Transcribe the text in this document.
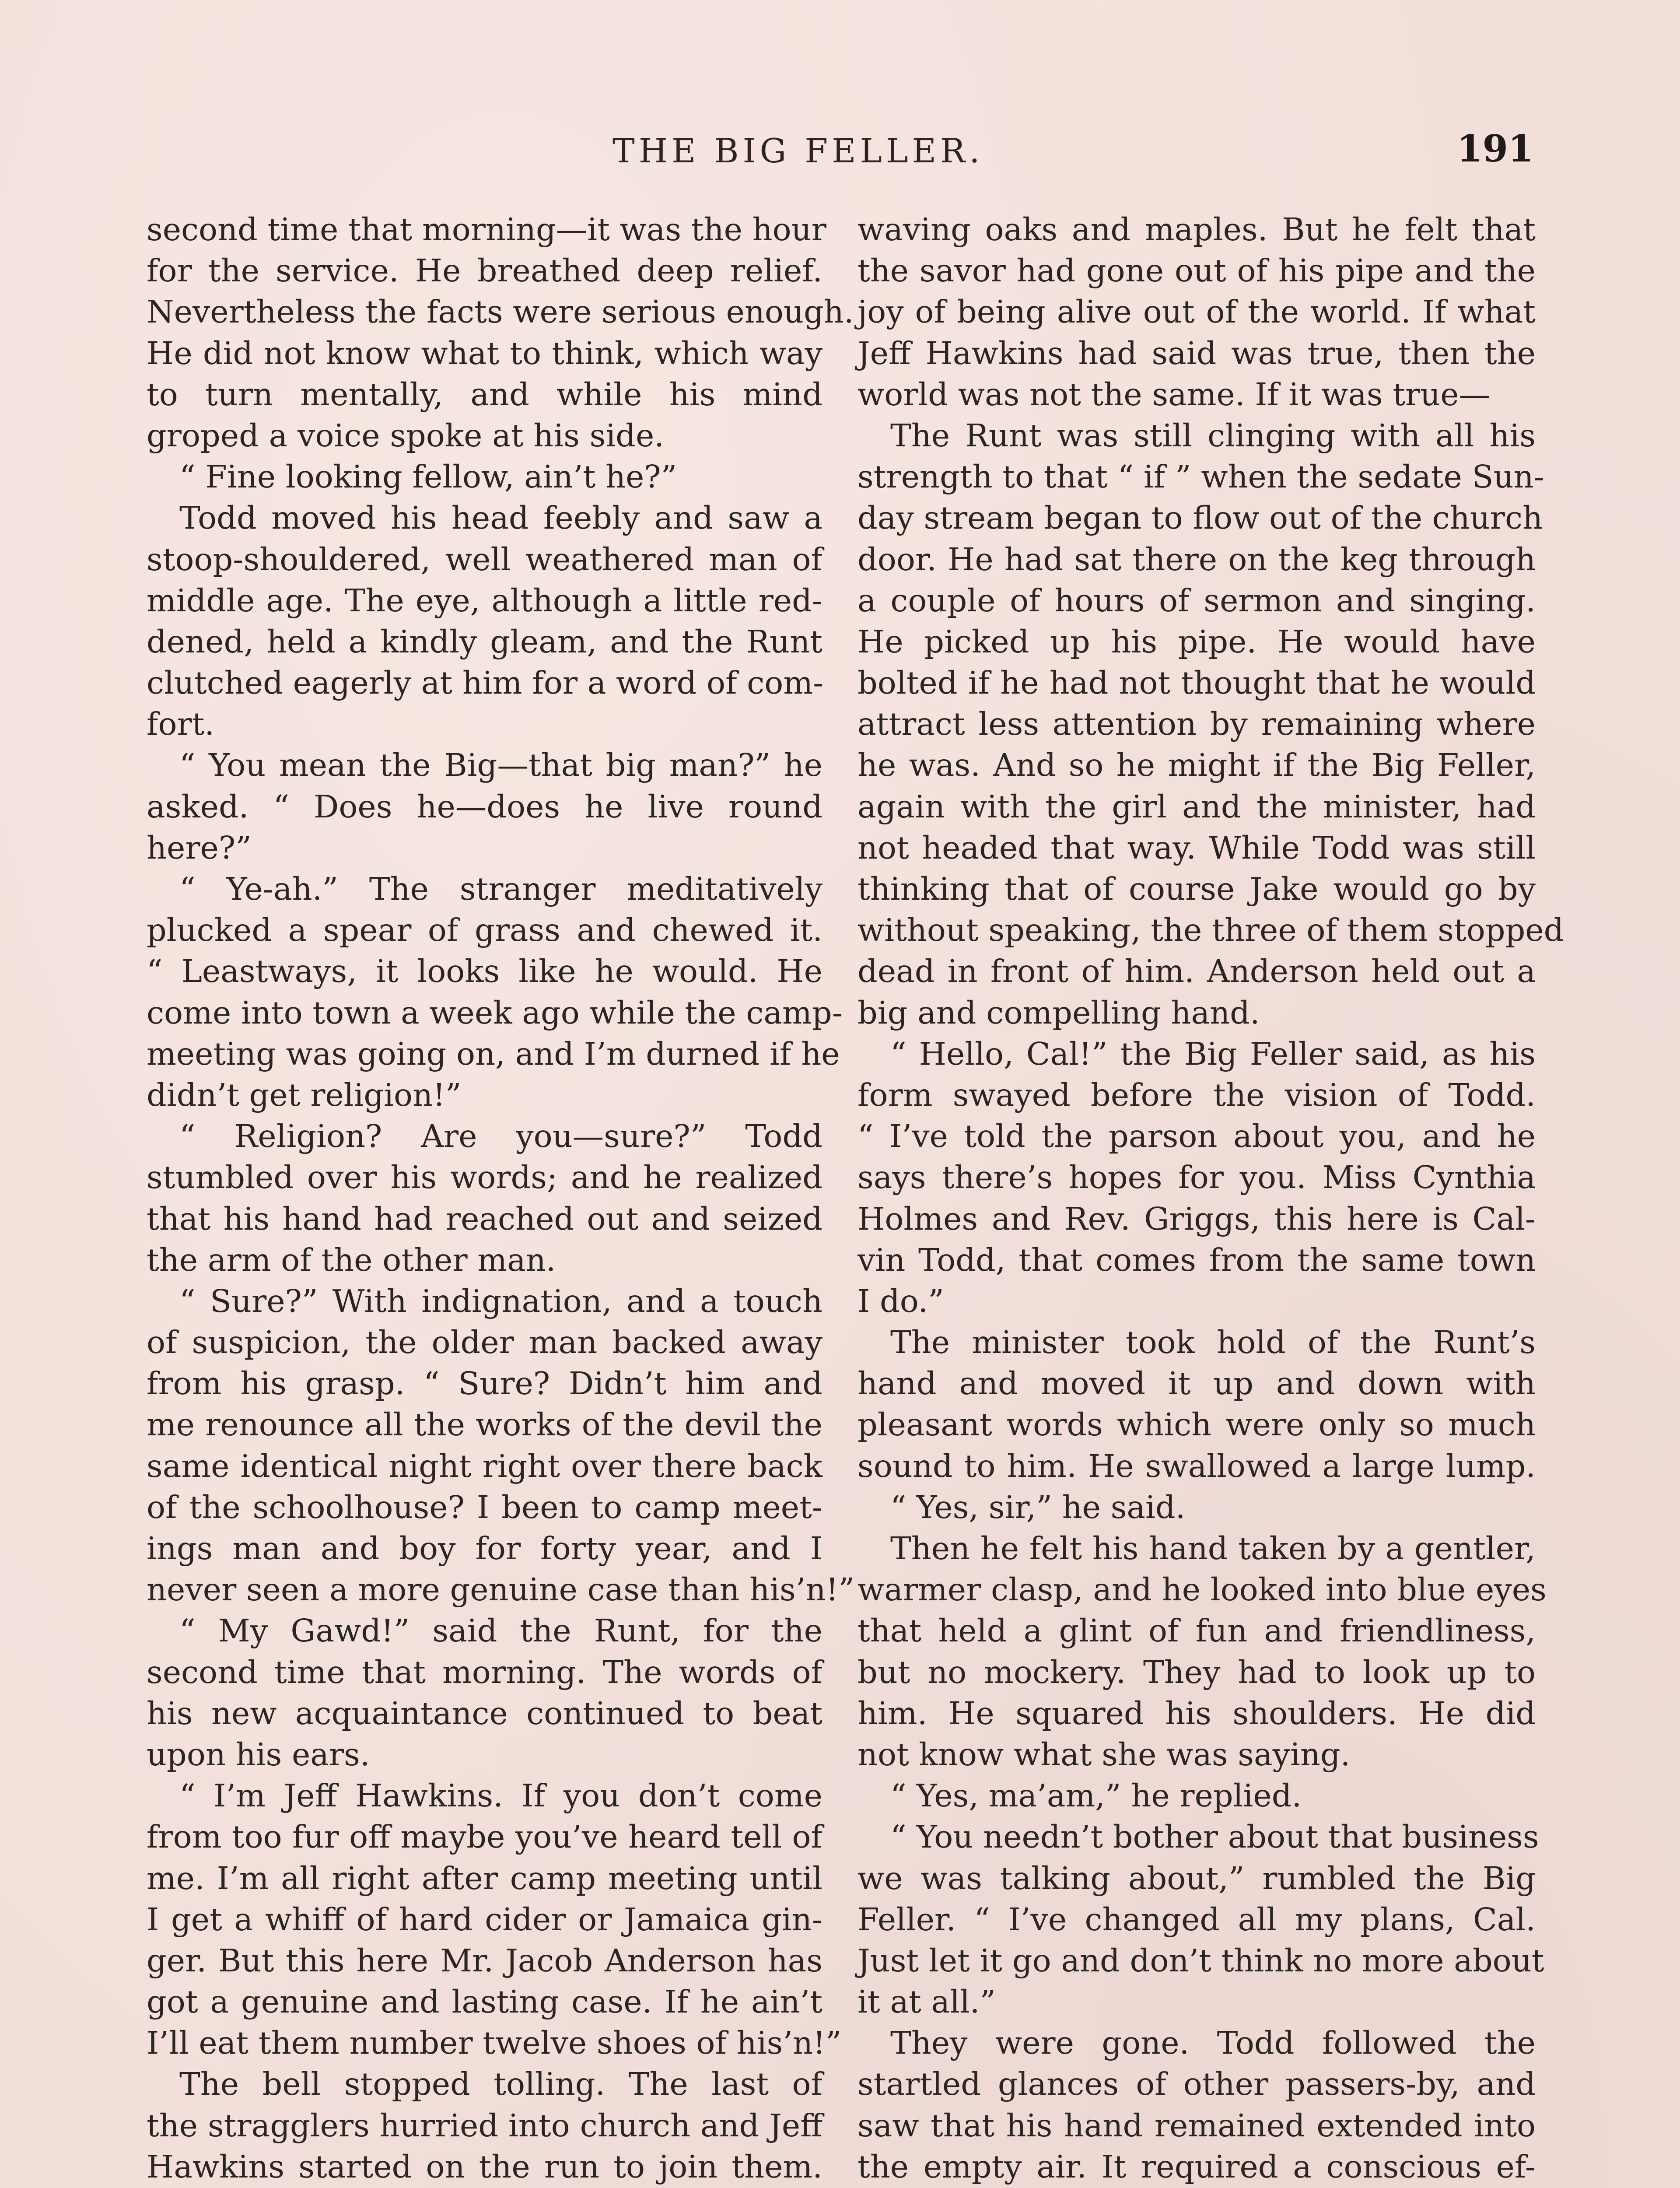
THE BIG FELLER.	191
second time that morning—it was the hour
for the service. He breathed deep relief.
Nevertheless the facts were serious enough.
He did not know what to think, which way
to turn mentally, and while his mind
groped a voice spoke at his side.
“ Fine looking fellow, ain’t he?”
Todd moved his head feebly and saw a
stoop-shouldered, well weathered man of
middle age. The eye, although a little red-
dened, held a kindly gleam, and the Runt
clutched eagerly at him for a word of com-
fort.
“ You mean the Big—that big man?” he
asked. “ Does he—does he live round
here?”
“ Ye-ah.” The stranger meditatively
plucked a spear of grass and chewed it.
“ Leastways, it looks like he would. He
come into town a week ago while the camp-
meeting was going on, and I’m durned if he
didn’t get religion!”
“ Religion? Are you—sure?” Todd
stumbled over his words; and he realized
that his hand had reached out and seized
the arm of the other man.
“ Sure?” With indignation, and a touch
of suspicion, the older man backed away
from his grasp. “ Sure? Didn’t him and
me renounce all the works of the devil the
same identical night right over there back
of the schoolhouse? I been to camp meet-
ings man and boy for forty year, and I
never seen a more genuine case than his’n!”
“ My Gawd!” said the Runt, for the
second time that morning. The words of
his new acquaintance continued to beat
upon his ears.
“ I’m Jeff Hawkins. If you don’t come
from too fur off maybe you’ve heard tell of
me. I’m all right after camp meeting until
I get a whiff of hard cider or Jamaica gin-
ger. But this here Mr. Jacob Anderson has
got a genuine and lasting case. If he ain’t
I’ll eat them number twelve shoes of his’n!”
The bell stopped tolling. The last of
the stragglers hurried into church and Jeff
Hawkins started on the run to join them.
waving oaks and maples. But he felt that
the savor had gone out of his pipe and the
joy of being alive out of the world. If what
Jeff Hawkins had said was true, then the
world was not the same. If it was true—
The Runt was still clinging with all his
strength to that “ if ” when the sedate Sun-
day stream began to flow out of the church
door. He had sat there on the keg through
a couple of hours of sermon and singing.
He picked up his pipe. He would have
bolted if he had not thought that he would
attract less attention by remaining where
he was. And so he might if the Big Feller,
again with the girl and the minister, had
not headed that way. While Todd was still
thinking that of course Jake would go by
without speaking, the three of them stopped
dead in front of him. Anderson held out a
big and compelling hand.
“ Hello, Cal!” the Big Feller said, as his
form swayed before the vision of Todd.
“ I’ve told the parson about you, and he
says there’s hopes for you. Miss Cynthia
Holmes and Rev. Griggs, this here is Cal-
vin Todd, that comes from the same town
I do.”
The minister took hold of the Runt’s
hand and moved it up and down with
pleasant words which were only so much
sound to him. He swallowed a large lump.
“ Yes, sir,” he said.
Then he felt his hand taken by a gentler,
warmer clasp, and he looked into blue eyes
that held a glint of fun and friendliness,
but no mockery. They had to look up to
him. He squared his shoulders. He did
not know what she was saying.
“ Yes, ma’am,” he replied.
“ You needn’t bother about that business
we was talking about,” rumbled the Big
Feller. “ I’ve changed all my plans, Cal.
Just let it go and don’t think no more about
it at all.”
They were gone. Todd followed the
startled glances of other passers-by, and
saw that his hand remained extended into
the empty air. It required a conscious ef-
